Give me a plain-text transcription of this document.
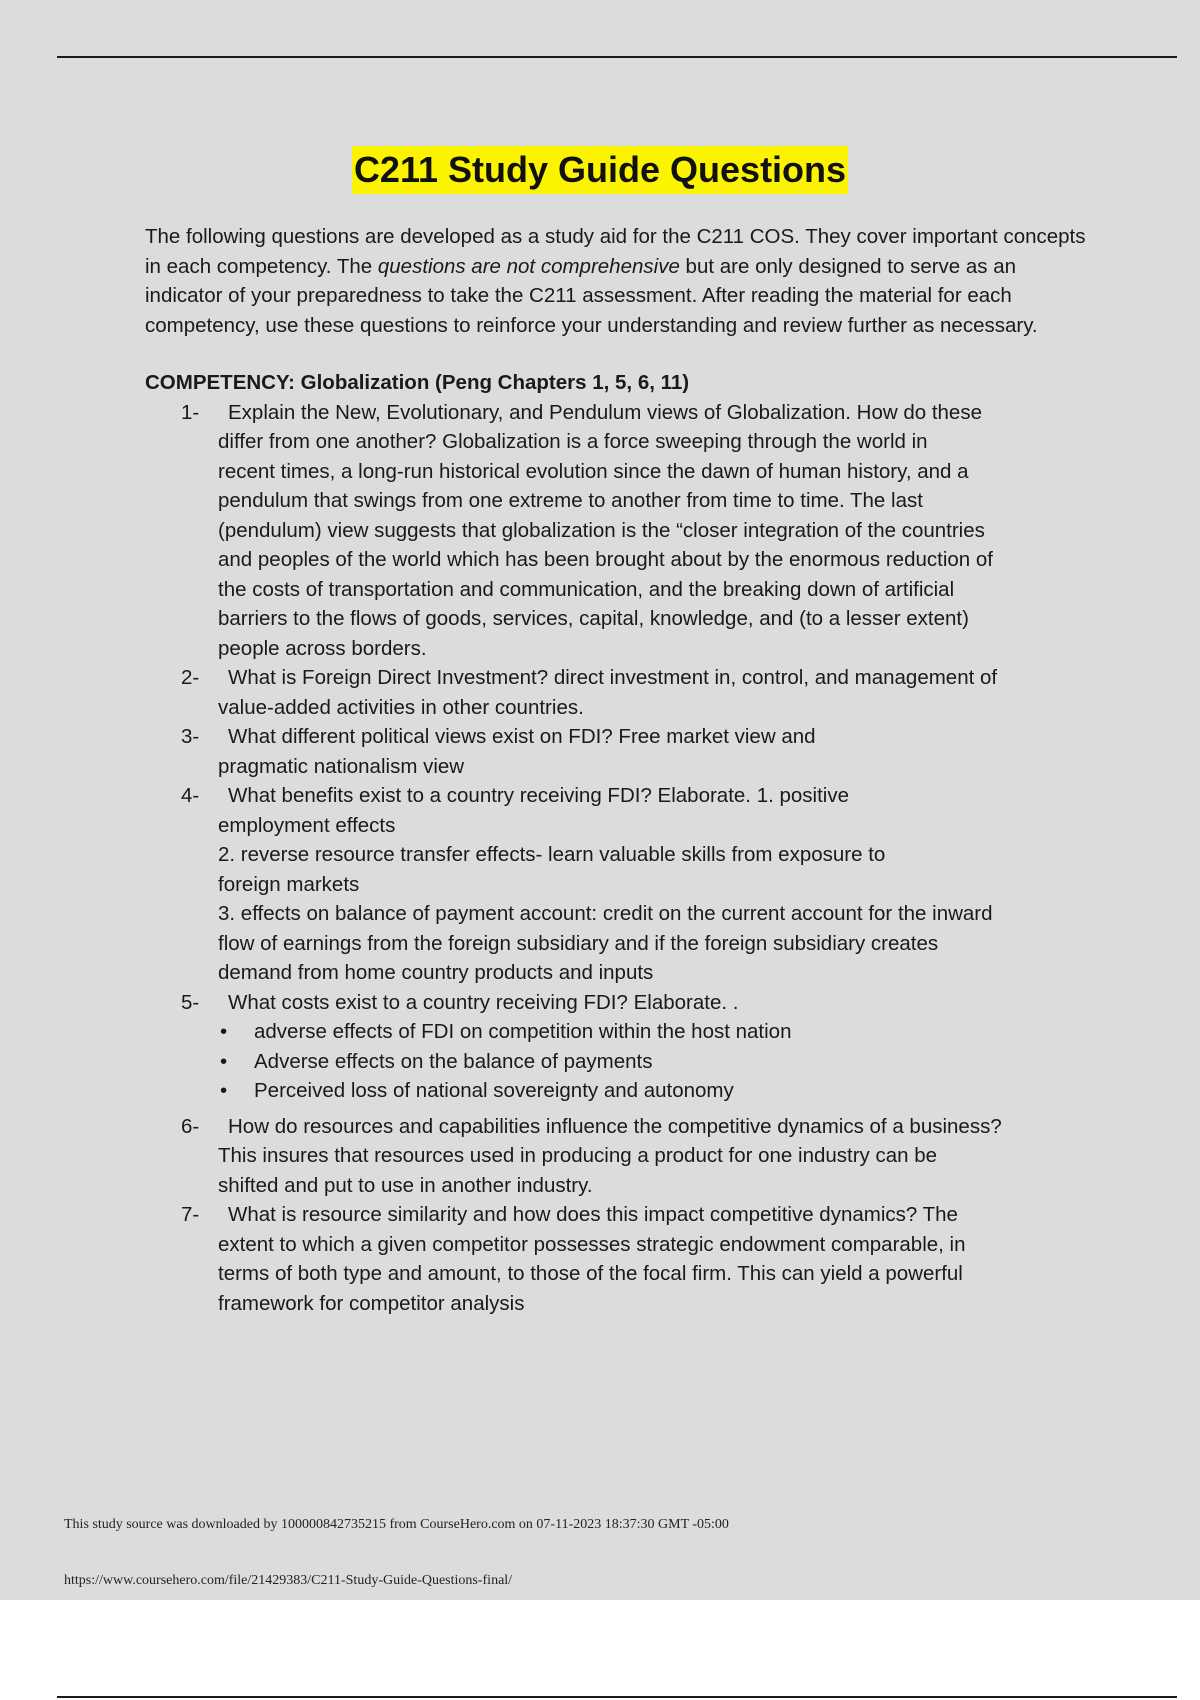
C211 Study Guide Questions

The following questions are developed as a study aid for the C211 COS. They cover important concepts in each competency. The questions are not comprehensive but are only designed to serve as an indicator of your preparedness to take the C211 assessment. After reading the material for each competency, use these questions to reinforce your understanding and review further as necessary.

COMPETENCY: Globalization (Peng Chapters 1, 5, 6, 11)
1-	Explain the New, Evolutionary, and Pendulum views of Globalization. How do these
differ from one another? Globalization is a force sweeping through the world in
recent times, a long-run historical evolution since the dawn of human history, and a
pendulum that swings from one extreme to another from time to time. The last
(pendulum) view suggests that globalization is the “closer integration of the countries
and peoples of the world which has been brought about by the enormous reduction of
the costs of transportation and communication, and the breaking down of artificial
barriers to the flows of goods, services, capital, knowledge, and (to a lesser extent)
people across borders.
2-	What is Foreign Direct Investment? direct investment in, control, and management of
value-added activities in other countries.
3-	What different political views exist on FDI? Free market view and
pragmatic nationalism view
4-	What benefits exist to a country receiving FDI? Elaborate. 1. positive
employment effects
2. reverse resource transfer effects- learn valuable skills from exposure to
foreign markets
3. effects on balance of payment account: credit on the current account for the inward
flow of earnings from the foreign subsidiary and if the foreign subsidiary creates
demand from home country products and inputs
5-	What costs exist to a country receiving FDI? Elaborate. .
• adverse effects of FDI on competition within the host nation
• Adverse effects on the balance of payments
• Perceived loss of national sovereignty and autonomy
6-	How do resources and capabilities influence the competitive dynamics of a business?
This insures that resources used in producing a product for one industry can be
shifted and put to use in another industry.
7-	What is resource similarity and how does this impact competitive dynamics? The
extent to which a given competitor possesses strategic endowment comparable, in
terms of both type and amount, to those of the focal firm. This can yield a powerful
framework for competitor analysis
This study source was downloaded by 100000842735215 from CourseHero.com on 07-11-2023 18:37:30 GMT -05:00
https://www.coursehero.com/file/21429383/C211-Study-Guide-Questions-final/
